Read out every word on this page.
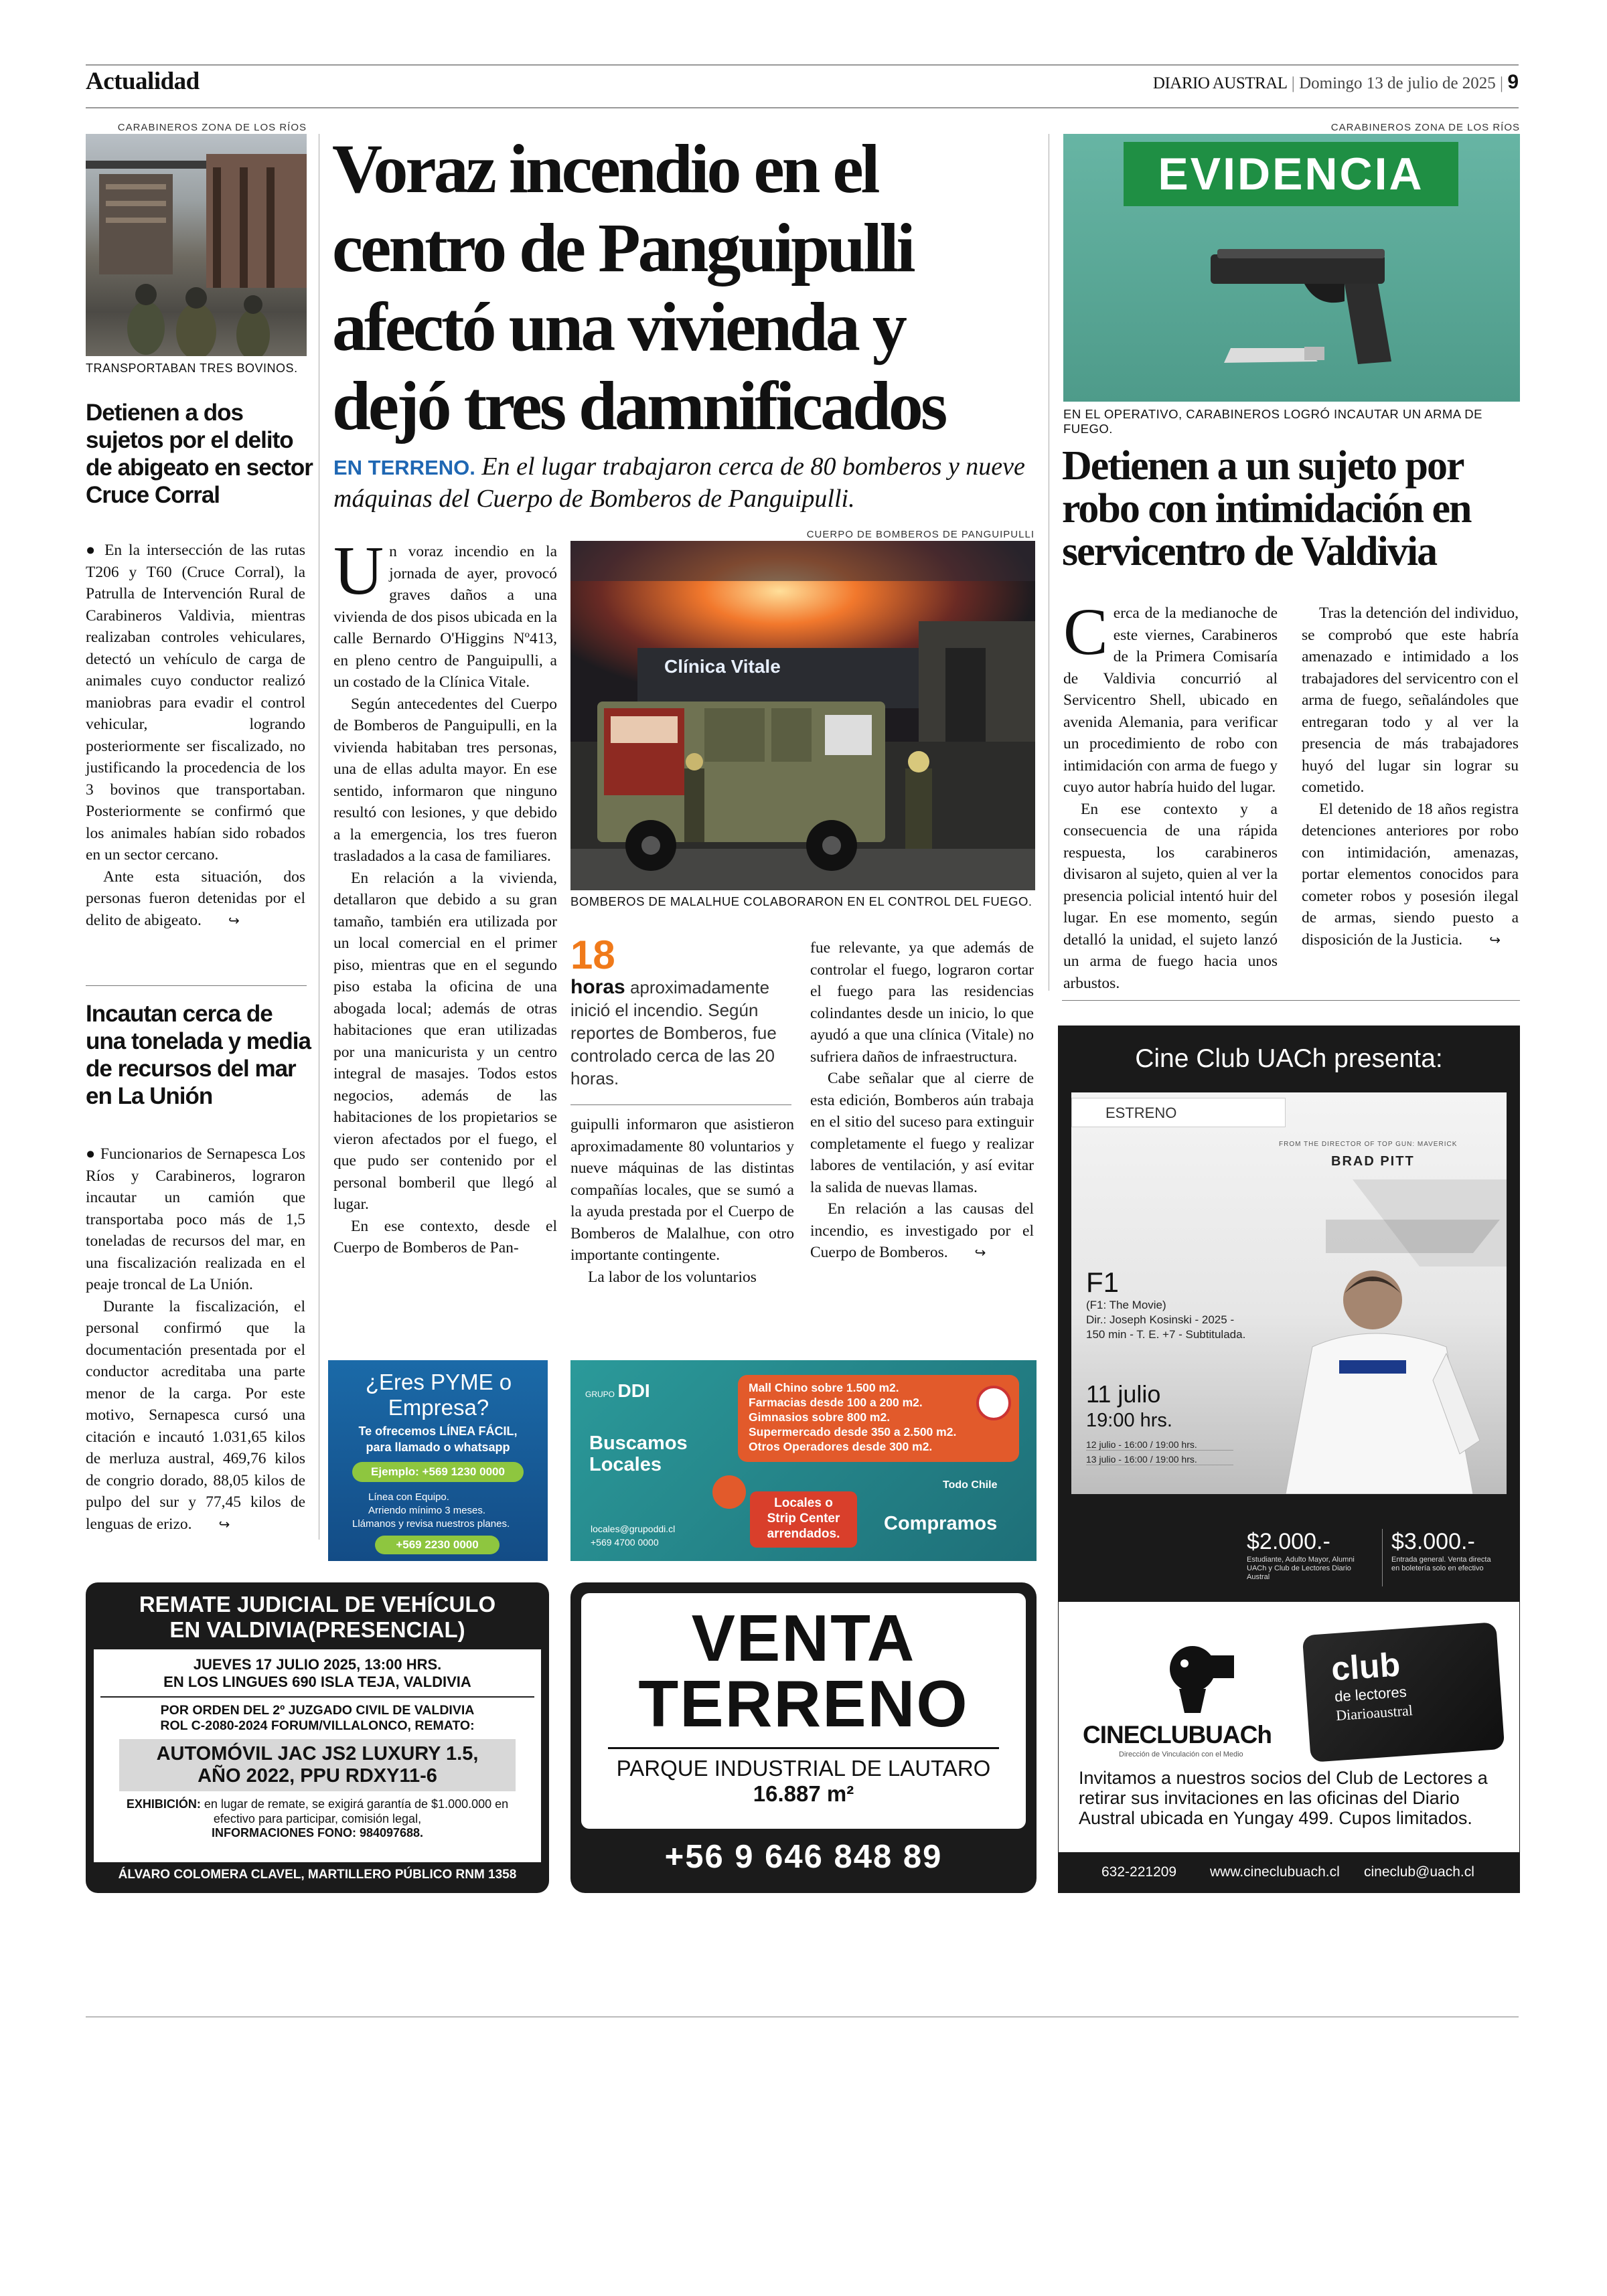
Actualidad	DIARIO AUSTRAL | Domingo 13 de julio de 2025 | 9
CARABINEROS ZONA DE LOS RÍOS
TRANSPORTABAN TRES BOVINOS.
Detienen a dos sujetos por el delito de abigeato en sector Cruce Corral

● En la intersección de las rutas T206 y T60 (Cruce Corral), la Patrulla de Intervención Rural de Carabineros Valdivia, mientras realizaban controles vehiculares, detectó un vehículo de carga de animales cuyo conductor realizó maniobras para evadir el control vehicular, logrando posteriormente ser fiscalizado, no justificando la procedencia de los 3 bovinos que transportaban. Posteriormente se confirmó que los animales habían sido robados en un sector cercano.

Ante esta situación, dos personas fueron detenidas por el delito de abigeato. ↪

Incautan cerca de una tonelada y media de recursos del mar en La Unión

● Funcionarios de Sernapesca Los Ríos y Carabineros, lograron incautar un camión que transportaba poco más de 1,5 toneladas de recursos del mar, en una fiscalización realizada en el peaje troncal de La Unión.

Durante la fiscalización, el personal confirmó que la documentación presentada por el conductor acreditaba una parte menor de la carga. Por este motivo, Sernapesca cursó una citación e incautó 1.031,65 kilos de merluza austral, 469,76 kilos de congrio dorado, 88,05 kilos de pulpo del sur y 77,45 kilos de lenguas de erizo. ↪

Voraz incendio en el centro de Panguipulli afectó una vivienda y dejó tres damnificados
EN TERRENO. En el lugar trabajaron cerca de 80 bomberos y nueve máquinas del Cuerpo de Bomberos de Panguipulli.
CUERPO DE BOMBEROS DE PANGUIPULLI
Clínica Vitale
BOMBEROS DE MALALHUE COLABORARON EN EL CONTROL DEL FUEGO.
U n voraz incendio en la jornada de ayer, provocó graves daños a una vivienda de dos pisos ubicada en la calle Bernardo O'Higgins Nº413, en pleno centro de Panguipulli, a un costado de la Clínica Vitale.

Según antecedentes del Cuerpo de Bomberos de Panguipulli, en la vivienda habitaban tres personas, una de ellas adulta mayor. En ese sentido, informaron que ninguno resultó con lesiones, y que debido a la emergencia, los tres fueron trasladados a la casa de familiares.

En relación a la vivienda, detallaron que debido a su gran tamaño, también era utilizada por un local comercial en el primer piso, mientras que en el segundo piso estaba la oficina de una abogada local; además de otras habitaciones que eran utilizadas por una manicurista y un centro integral de masajes. Todos estos negocios, además de las habitaciones de los propietarios se vieron afectados por el fuego, el que pudo ser contenido por el personal bomberil que llegó al lugar.

En ese contexto, desde el Cuerpo de Bomberos de Pan-

18
horas aproximadamente inició el incendio. Según reportes de Bomberos, fue controlado cerca de las 20 horas.

guipulli informaron que asistieron aproximadamente 80 voluntarios y nueve máquinas de las distintas compañías locales, que se sumó a la ayuda prestada por el Cuerpo de Bomberos de Malalhue, con otro importante contingente.

La labor de los voluntarios

fue relevante, ya que además de controlar el fuego, lograron cortar el fuego para las residencias colindantes desde un inicio, lo que ayudó a que una clínica (Vitale) no sufriera daños de infraestructura.

Cabe señalar que al cierre de esta edición, Bomberos aún trabaja en el sitio del suceso para extinguir completamente el fuego y realizar labores de ventilación, y así evitar la salida de nuevas llamas.

En relación a las causas del incendio, es investigado por el Cuerpo de Bomberos. ↪

CARABINEROS ZONA DE LOS RÍOS
EVIDENCIA
EN EL OPERATIVO, CARABINEROS LOGRÓ INCAUTAR UN ARMA DE FUEGO.
Detienen a un sujeto por robo con intimidación en servicentro de Valdivia
C erca de la medianoche de este viernes, Carabineros de la Primera Comisaría de Valdivia concurrió al Servicentro Shell, ubicado en avenida Alemania, para verificar un procedimiento de robo con intimidación con arma de fuego y cuyo autor habría huido del lugar.

En ese contexto y a consecuencia de una rápida respuesta, los carabineros divisaron al sujeto, quien al ver la presencia policial intentó huir del lugar. En ese momento, según detalló la unidad, el sujeto lanzó un arma de fuego hacia unos arbustos.

Tras la detención del individuo, se comprobó que este habría amenazado e intimidado a los trabajadores del servicentro con el arma de fuego, señalándoles que entregaran todo y al ver la presencia de más trabajadores huyó del lugar sin lograr su cometido.

El detenido de 18 años registra detenciones anteriores por robo con intimidación, amenazas, portar elementos conocidos para cometer robos y posesión ilegal de armas, siendo puesto a disposición de la Justicia. ↪

¿Eres PYME o Empresa?
Te ofrecemos LÍNEA FÁCIL,
para llamado o whatsapp
Ejemplo: +569 1230 0000
Línea con Equipo.
Arriendo mínimo 3 meses.
Llámanos y revisa nuestros planes.
+569 2230 0000
GRUPO DDI
Buscamos
Locales
Mall Chino sobre 1.500 m2.
Farmacias desde 100 a 200 m2.
Gimnasios sobre 800 m2.
Supermercado desde 350 a 2.500 m2.
Otros Operadores desde 300 m2.
Todo Chile
Locales o
Strip Center
arrendados.	Compramos
locales@grupoddi.cl
+569 4700 0000
REMATE JUDICIAL DE VEHÍCULO
EN VALDIVIA(PRESENCIAL)
JUEVES 17 JULIO 2025, 13:00 HRS.
EN LOS LINGUES 690 ISLA TEJA, VALDIVIA
POR ORDEN DEL 2º JUZGADO CIVIL DE VALDIVIA
ROL C-2080-2024 FORUM/VILLALONCO, REMATO:
AUTOMÓVIL JAC JS2 LUXURY 1.5,
AÑO 2022, PPU RDXY11-6
EXHIBICIÓN: en lugar de remate, se exigirá garantía de $1.000.000 en efectivo para participar, comisión legal,
INFORMACIONES FONO: 984097688.
ÁLVARO COLOMERA CLAVEL, MARTILLERO PÚBLICO RNM 1358
VENTA
TERRENO
PARQUE INDUSTRIAL DE LAUTARO
16.887 m²
+56 9 646 848 89
Cine Club UACh presenta:
ESTRENO
FROM THE DIRECTOR OF TOP GUN: MAVERICK
BRAD PITT
F1
(F1: The Movie)
Dir.: Joseph Kosinski - 2025 -
150 min - T. E. +7 - Subtitulada.
11 julio
19:00 hrs.
12 julio - 16:00 / 19:00 hrs.
13 julio - 16:00 / 19:00 hrs.
$2.000.-
Estudiante, Adulto Mayor, Alumni UACh y Club de Lectores Diario Austral
$3.000.-
Entrada general. Venta directa en boletería solo en efectivo
CINECLUBUACh
Dirección de Vinculación con el Medio
club
de lectores
Diarioaustral
Invitamos a nuestros socios del Club de Lectores a retirar sus invitaciones en las oficinas del Diario Austral ubicada en Yungay 499. Cupos limitados.
632-221209 www.cineclubuach.cl cineclub@uach.cl
